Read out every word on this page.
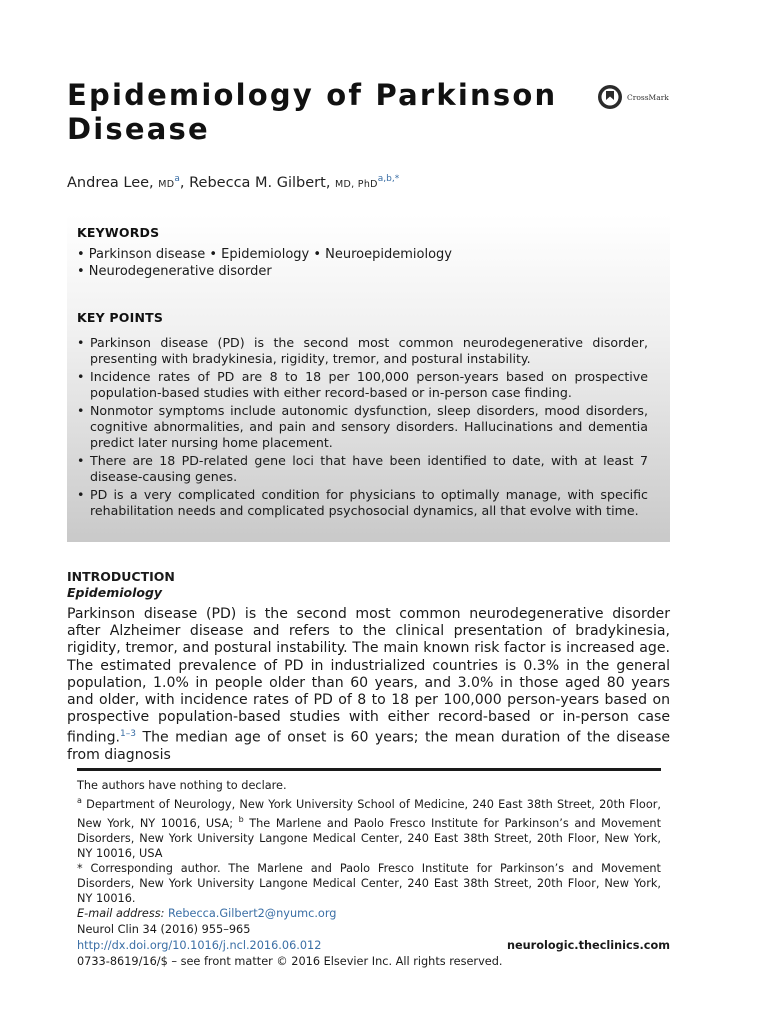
Epidemiology of Parkinson Disease
CrossMark
Andrea Lee, $MD^a$, Rebecca M. Gilbert, MD, PhD$^{a,b,*}$
KEYWORDS
• Parkinson disease • Epidemiology • Neuroepidemiology
• Neurodegenerative disorder
KEY POINTS
• Parkinson disease (PD) is the second most common neurodegenerative disorder, presenting with bradykinesia, rigidity, tremor, and postural instability.
• Incidence rates of PD are 8 to 18 per 100,000 person-years based on prospective population-based studies with either record-based or in-person case finding.
• Nonmotor symptoms include autonomic dysfunction, sleep disorders, mood disorders, cognitive abnormalities, and pain and sensory disorders. Hallucinations and dementia predict later nursing home placement.
• There are 18 PD-related gene loci that have been identified to date, with at least 7 disease-causing genes.
• PD is a very complicated condition for physicians to optimally manage, with specific rehabilitation needs and complicated psychosocial dynamics, all that evolve with time.
INTRODUCTION
Epidemiology

Parkinson disease (PD) is the second most common neurodegenerative disorder after Alzheimer disease and refers to the clinical presentation of bradykinesia, rigidity, tremor, and postural instability. The main known risk factor is increased age. The estimated prevalence of PD in industrialized countries is 0.3% in the general population, 1.0% in people older than 60 years, and 3.0% in those aged 80 years and older, with incidence rates of PD of 8 to 18 per 100,000 person-years based on prospective population-based studies with either record-based or in-person case finding.$^{1-3}$ The median age of onset is 60 years; the mean duration of the disease from diagnosis

The authors have nothing to declare.

$^a$ Department of Neurology, New York University School of Medicine, 240 East 38th Street, 20th Floor, New York, NY 10016, USA; $^b$ The Marlene and Paolo Fresco Institute for Parkinson’s and Movement Disorders, New York University Langone Medical Center, 240 East 38th Street, 20th Floor, New York, NY 10016, USA

* Corresponding author. The Marlene and Paolo Fresco Institute for Parkinson’s and Movement Disorders, New York University Langone Medical Center, 240 East 38th Street, 20th Floor, New York, NY 10016.

E-mail address: Rebecca.Gilbert2@nyumc.org

Neurol Clin 34 (2016) 955–965
http://dx.doi.org/10.1016/j.ncl.2016.06.012	neurologic.theclinics.com
0733-8619/16/$ – see front matter © 2016 Elsevier Inc. All rights reserved.
